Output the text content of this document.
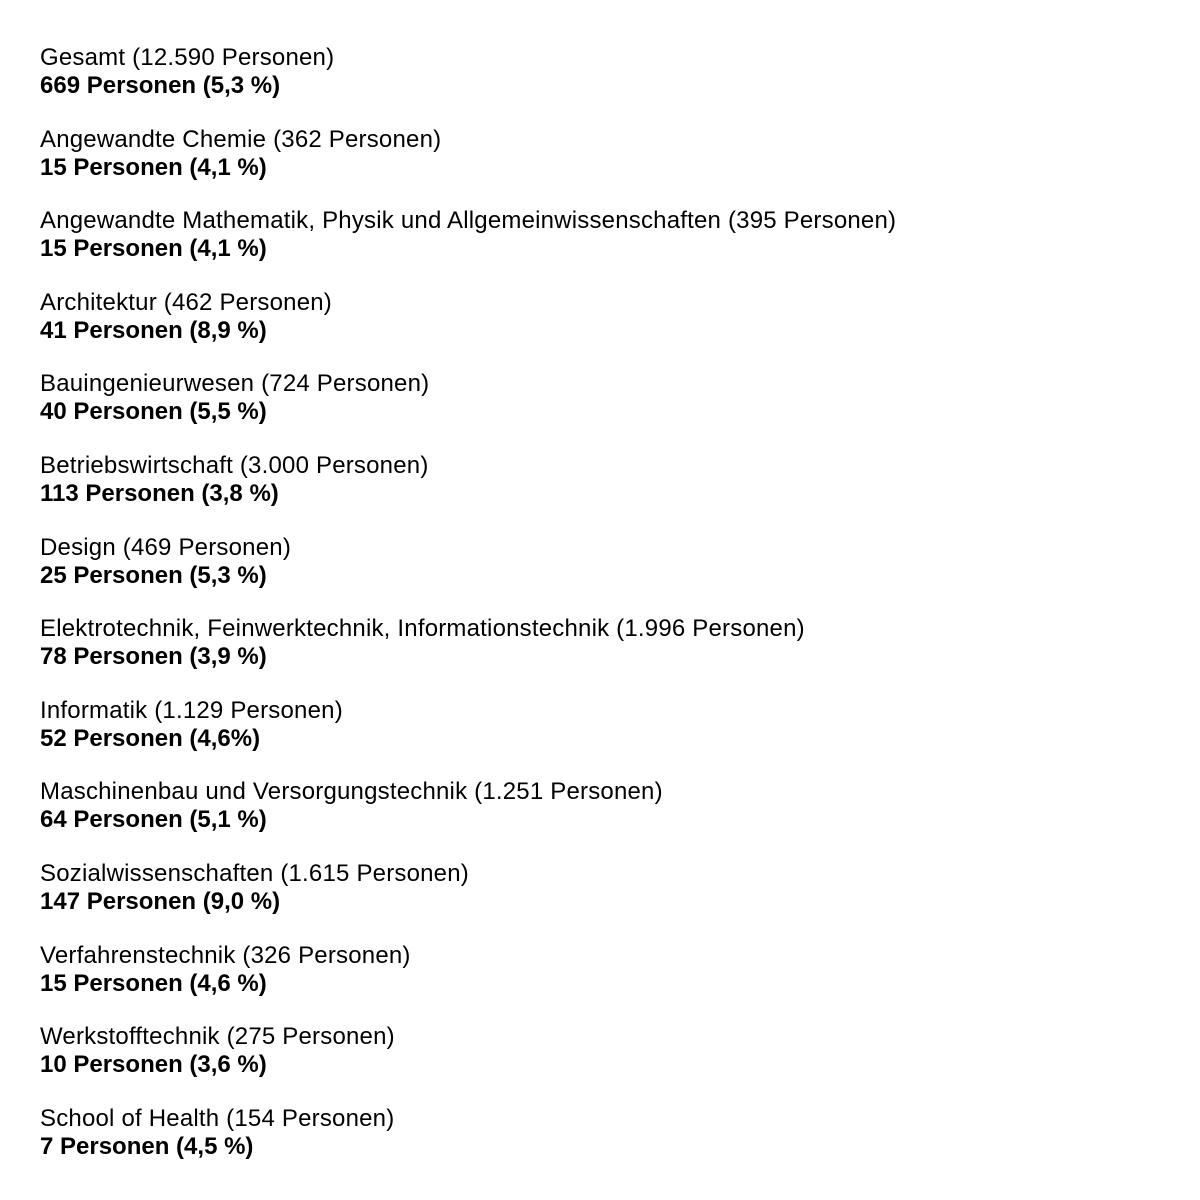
Gesamt (12.590 Personen)
669 Personen (5,3 %)
Angewandte Chemie (362 Personen)
15 Personen (4,1 %)
Angewandte Mathematik, Physik und Allgemeinwissenschaften (395 Personen)
15 Personen (4,1 %)
Architektur (462 Personen)
41 Personen (8,9 %)
Bauingenieurwesen (724 Personen)
40 Personen (5,5 %)
Betriebswirtschaft (3.000 Personen)
113 Personen (3,8 %)
Design (469 Personen)
25 Personen (5,3 %)
Elektrotechnik, Feinwerktechnik, Informationstechnik (1.996 Personen)
78 Personen (3,9 %)
Informatik (1.129 Personen)
52 Personen (4,6%)
Maschinenbau und Versorgungstechnik (1.251 Personen)
64 Personen (5,1 %)
Sozialwissenschaften (1.615 Personen)
147 Personen (9,0 %)
Verfahrenstechnik (326 Personen)
15 Personen (4,6 %)
Werkstofftechnik (275 Personen)
10 Personen (3,6 %)
School of Health (154 Personen)
7 Personen (4,5 %)
